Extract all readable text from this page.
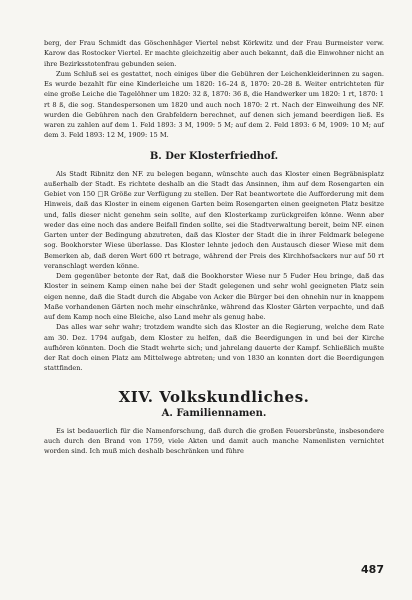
berg, der Frau Schmidt das Göschenhäger Viertel nebst Körkwitz und der Frau Burmeister verw. Karow das Rostocker Viertel. Er machte gleichzeitig aber auch bekannt, daß die Einwohner nicht an ihre Bezirksstotenfrau gebunden seien.

Zum Schluß sei es gestattet, noch einiges über die Gebühren der Leichenkleiderinnen zu sagen. Es wurde bezahlt für eine Kinderleiche um 1820: 16–24 ß, 1870: 20–28 ß. Weiter entrichteten für eine große Leiche die Tagelöhner um 1820: 32 ß, 1870: 36 ß, die Handwerker um 1820: 1 rt, 1870: 1 rt 8 ß, die sog. Standespersonen um 1820 und auch noch 1870: 2 rt. Nach der Einweihung des NF. wurden die Gebühren nach den Grabfeldern berechnet, auf denen sich jemand beerdigen ließ. Es waren zu zahlen auf dem 1. Feld 1893: 3 M, 1909: 5 M; auf dem 2. Feld 1893: 6 M, 1909: 10 M; auf dem 3. Feld 1893: 12 M, 1909: 15 M.

B. Der Klosterfriedhof.

Als Stadt Ribnitz den NF. zu belegen begann, wünschte auch das Kloster einen Begräbnisplatz außerhalb der Stadt. Es richtete deshalb an die Stadt das Ansinnen, ihm auf dem Rosengarten ein Gebiet von 150 □R Größe zur Verfügung zu stellen. Der Rat beantwortete die Aufforderung mit dem Hinweis, daß das Kloster in einem eigenen Garten beim Rosengarten einen geeigneten Platz besitze und, falls dieser nicht genehm sein sollte, auf den Klosterkamp zurückgreifen könne. Wenn aber weder das eine noch das andere Beifall finden sollte, sei die Stadtverwaltung bereit, beim NF. einen Garten unter der Bedingung abzutreten, daß das Kloster der Stadt die in ihrer Feldmark belegene sog. Bookhorster Wiese überlasse. Das Kloster lehnte jedoch den Austausch dieser Wiese mit dem Bemerken ab, daß deren Wert 600 rt betrage, während der Preis des Kirchhofsackers nur auf 50 rt veranschlagt werden könne.

Dem gegenüber betonte der Rat, daß die Bookhorster Wiese nur 5 Fuder Heu bringe, daß das Kloster in seinem Kamp einen nahe bei der Stadt gelegenen und sehr wohl geeigneten Platz sein eigen nenne, daß die Stadt durch die Abgabe von Acker die Bürger bei den ohnehin nur in knappem Maße vorhandenen Gärten noch mehr einschränke, während das Kloster Gärten verpachte, und daß auf dem Kamp noch eine Bleiche, also Land mehr als genug habe.

Das alles war sehr wahr; trotzdem wandte sich das Kloster an die Regierung, welche dem Rate am 30. Dez. 1794 aufgab, dem Kloster zu helfen, daß die Beerdigungen in und bei der Kirche aufhören könnten. Doch die Stadt wehrte sich; und jahrelang dauerte der Kampf. Schließlich mußte der Rat doch einen Platz am Mittelwege abtreten; und von 1830 an konnten dort die Beerdigungen stattfinden.

XIV. Volkskundliches.
A. Familiennamen.

Es ist bedauerlich für die Namenforschung, daß durch die großen Feuersbrünste, insbesondere auch durch den Brand von 1759, viele Akten und damit auch manche Namenlisten vernichtet worden sind. Ich muß mich deshalb beschränken und führe

487
